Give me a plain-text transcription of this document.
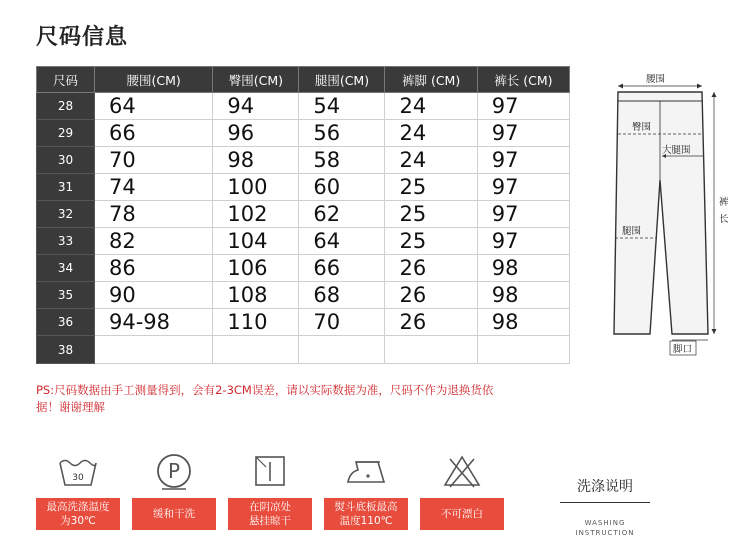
尺码信息
尺码	腰围(CM)	臀围(CM)	腿围(CM)	裤脚 (CM)	裤长 (CM)
28	64	94	54	24	97
29	66	96	56	24	97
30	70	98	58	24	97
31	74	100	60	25	97
32	78	102	62	25	97
33	82	104	64	25	97
34	86	106	66	26	98
35	90	108	68	26	98
36	94-98	110	70	26	98
38					
腰围
臀围
大腿围
腿围
裤
长
脚口
PS:尺码数据由手工测量得到，会有2-3CM误差，请以实际数据为准，尺码不作为退换货依据！谢谢理解
30
最高洗涤温度
为30℃
P
缓和干洗
在阴凉处
悬挂晾干
熨斗底板最高
温度110℃
不可漂白
洗涤说明
WASHING
INSTRUCTION
